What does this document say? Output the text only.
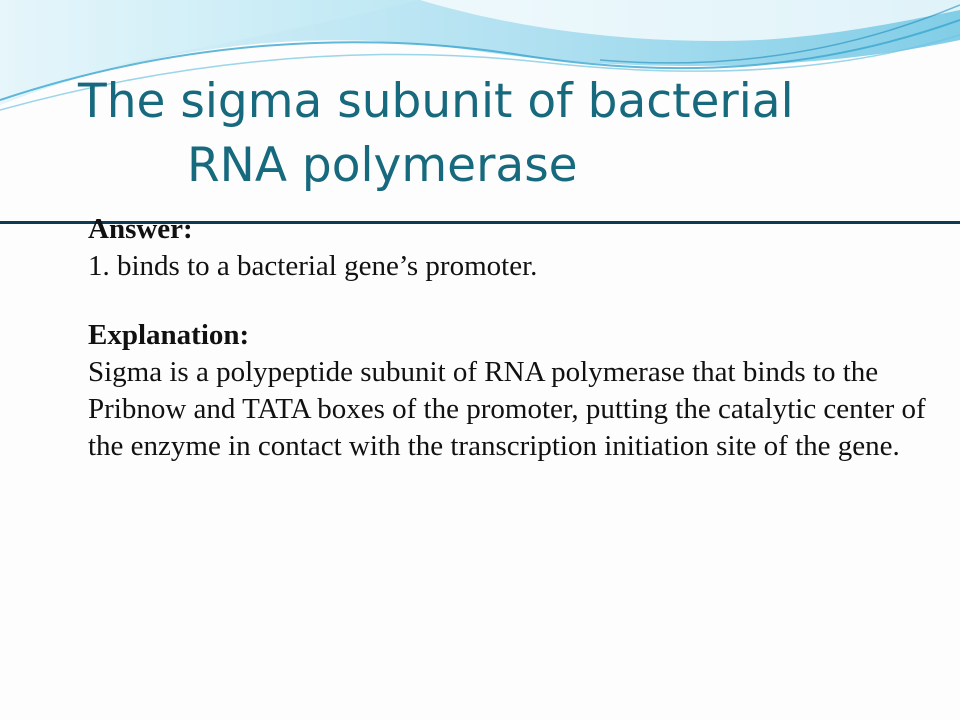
The sigma subunit of bacterial
RNA polymerase
Answer:
1. binds to a bacterial gene’s promoter.
Explanation:
Sigma is a polypeptide subunit of RNA polymerase that binds to the Pribnow and TATA boxes of the promoter, putting the catalytic center of the enzyme in contact with the transcription initiation site of the gene.
